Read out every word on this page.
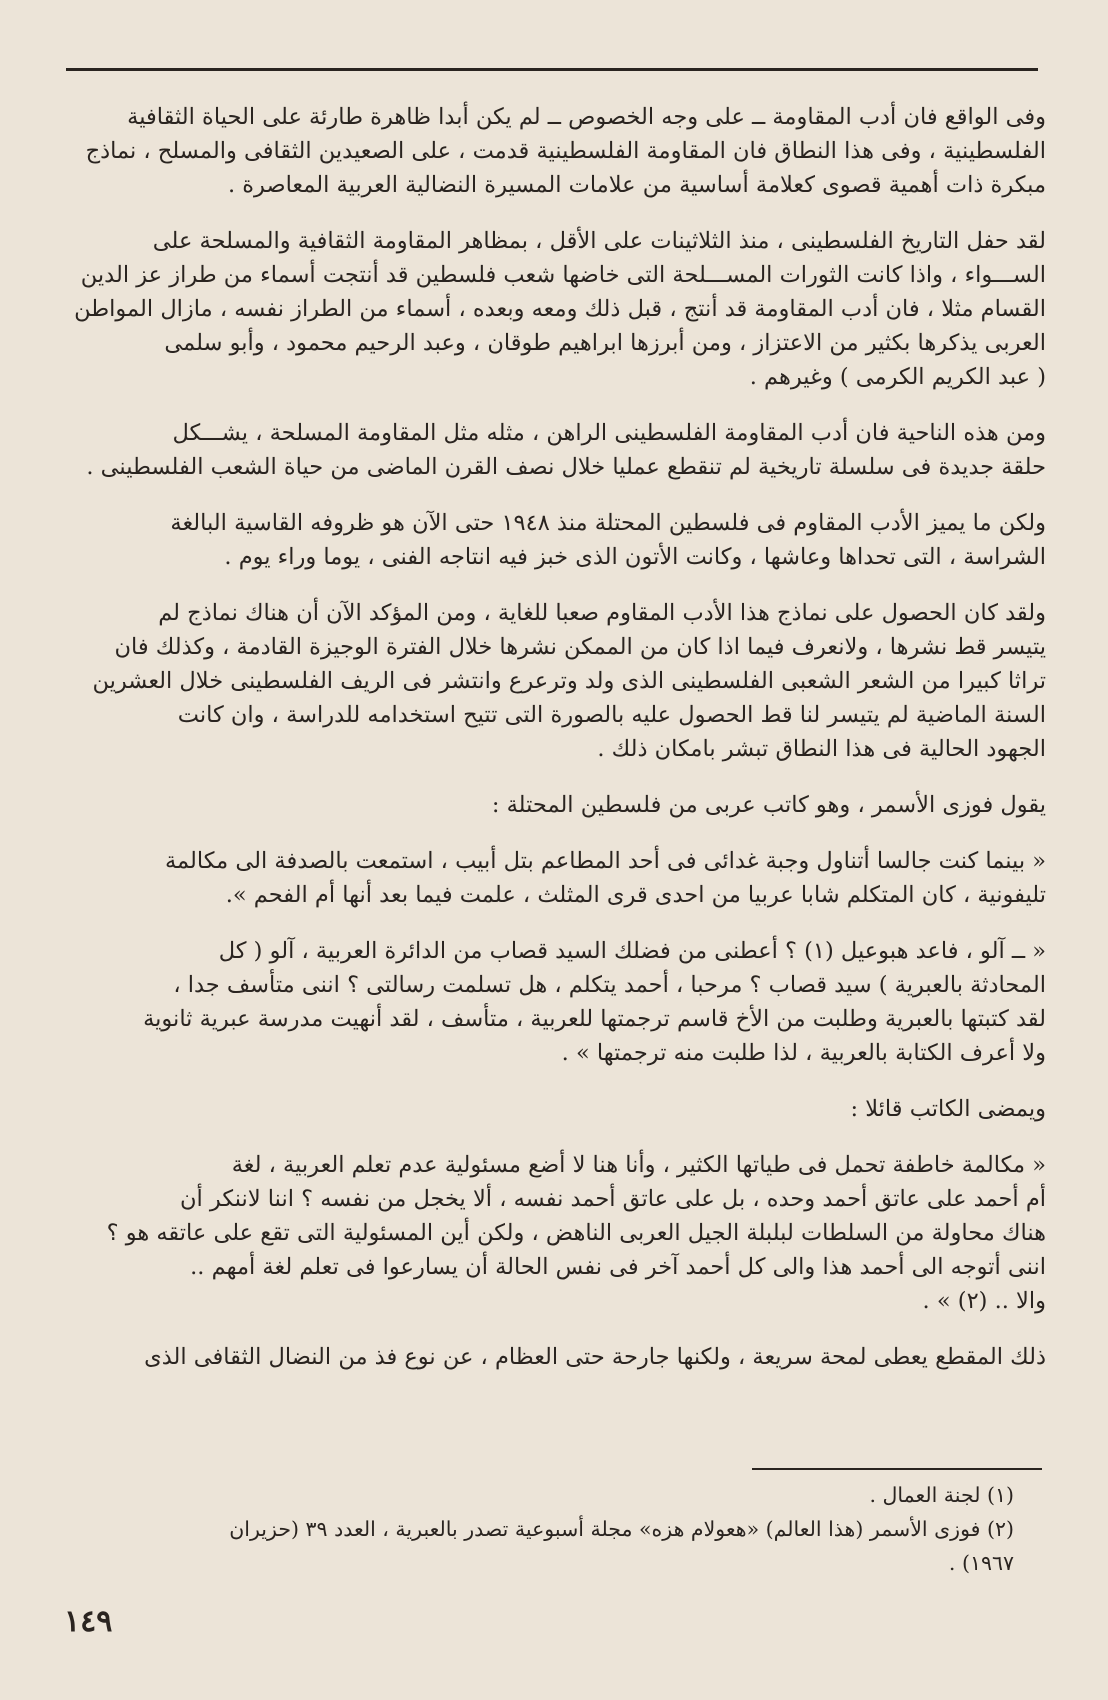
وفى الواقع فان أدب المقاومة ــ على وجه الخصوص ــ لم يكن أبدا ظاهرة طارئة على الحياة الثقافية
الفلسطينية ، وفى هذا النطاق فان المقاومة الفلسطينية قدمت ، على الصعيدين الثقافى والمسلح ، نماذج
مبكرة ذات أهمية قصوى كعلامة أساسية من علامات المسيرة النضالية العربية المعاصرة .
لقد حفل التاريخ الفلسطينى ، منذ الثلاثينات على الأقل ، بمظاهر المقاومة الثقافية والمسلحة على
الســـواء ، واذا كانت الثورات المســـلحة التى خاضها شعب فلسطين قد أنتجت أسماء من طراز عز الدين
القسام مثلا ، فان أدب المقاومة قد أنتج ، قبل ذلك ومعه وبعده ، أسماء من الطراز نفسه ، مازال المواطن
العربى يذكرها بكثير من الاعتزاز ، ومن أبرزها ابراهيم طوقان ، وعبد الرحيم محمود ، وأبو سلمى
( عبد الكريم الكرمى ) وغيرهم .
ومن هذه الناحية فان أدب المقاومة الفلسطينى الراهن ، مثله مثل المقاومة المسلحة ، يشـــكل
حلقة جديدة فى سلسلة تاريخية لم تنقطع عمليا خلال نصف القرن الماضى من حياة الشعب الفلسطينى .
ولكن ما يميز الأدب المقاوم فى فلسطين المحتلة منذ ١٩٤٨ حتى الآن هو ظروفه القاسية البالغة
الشراسة ، التى تحداها وعاشها ، وكانت الأتون الذى خبز فيه انتاجه الفنى ، يوما وراء يوم .
ولقد كان الحصول على نماذج هذا الأدب المقاوم صعبا للغاية ، ومن المؤكد الآن أن هناك نماذج لم
يتيسر قط نشرها ، ولانعرف فيما اذا كان من الممكن نشرها خلال الفترة الوجيزة القادمة ، وكذلك فان
تراثا كبيرا من الشعر الشعبى الفلسطينى الذى ولد وترعرع وانتشر فى الريف الفلسطينى خلال العشرين
السنة الماضية لم يتيسر لنا قط الحصول عليه بالصورة التى تتيح استخدامه للدراسة ، وان كانت
الجهود الحالية فى هذا النطاق تبشر بامكان ذلك .
يقول فوزى الأسمر ، وهو كاتب عربى من فلسطين المحتلة :
« بينما كنت جالسا أتناول وجبة غدائى فى أحد المطاعم بتل أبيب ، استمعت بالصدفة الى مكالمة
تليفونية ، كان المتكلم شابا عربيا من احدى قرى المثلث ، علمت فيما بعد أنها أم الفحم ».
« ــ آلو ، فاعد هبوعيل (١) ؟ أعطنى من فضلك السيد قصاب من الدائرة العربية ، آلو ( كل
المحادثة بالعبرية ) سيد قصاب ؟ مرحبا ، أحمد يتكلم ، هل تسلمت رسالتى ؟ اننى متأسف جدا ،
لقد كتبتها بالعبرية وطلبت من الأخ قاسم ترجمتها للعربية ، متأسف ، لقد أنهيت مدرسة عبرية ثانوية
ولا أعرف الكتابة بالعربية ، لذا طلبت منه ترجمتها » .
ويمضى الكاتب قائلا :
« مكالمة خاطفة تحمل فى طياتها الكثير ، وأنا هنا لا أضع مسئولية عدم تعلم العربية ، لغة
أم أحمد على عاتق أحمد وحده ، بل على عاتق أحمد نفسه ، ألا يخجل من نفسه ؟ اننا لاننكر أن
هناك محاولة من السلطات لبلبلة الجيل العربى الناهض ، ولكن أين المسئولية التى تقع على عاتقه هو ؟
اننى أتوجه الى أحمد هذا والى كل أحمد آخر فى نفس الحالة أن يسارعوا فى تعلم لغة أمهم ..
والا .. (٢) » .
ذلك المقطع يعطى لمحة سريعة ، ولكنها جارحة حتى العظام ، عن نوع فذ من النضال الثقافى الذى
(١) لجنة العمال .
(٢) فوزى الأسمر (هذا العالم) «هعولام هزه» مجلة أسبوعية تصدر بالعبرية ، العدد ٣٩ (حزيران
١٩٦٧) .
١٤٩
